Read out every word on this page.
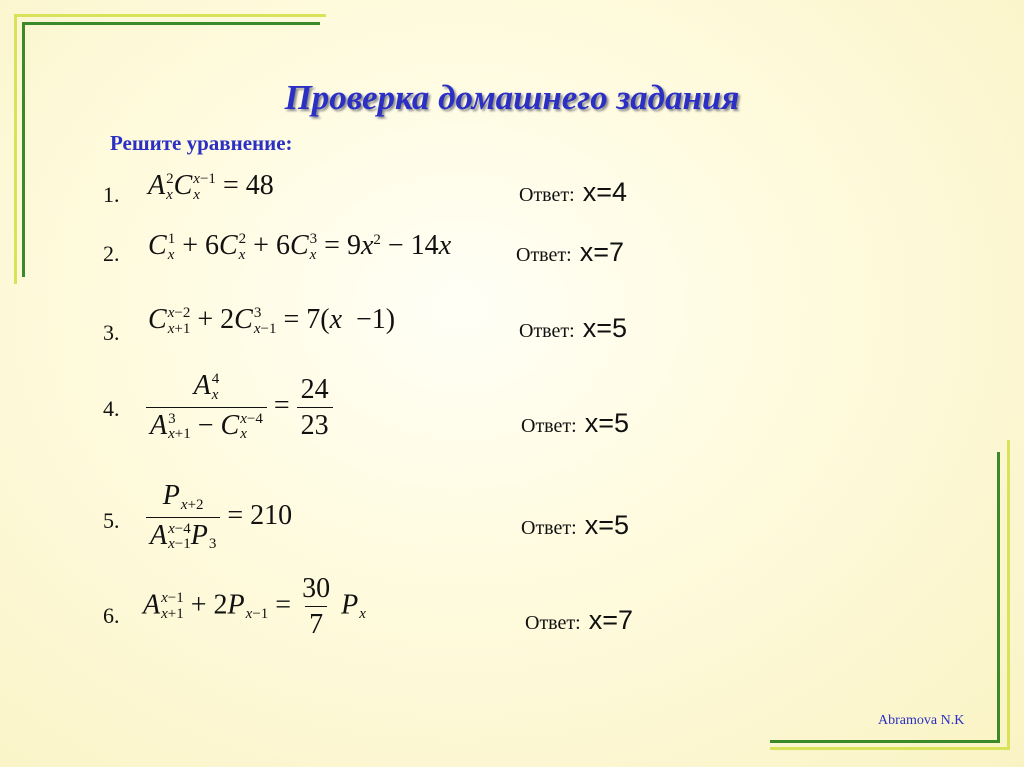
Проверка домашнего задания
Решите уравнение:
1. A 2
x C x−1
x = 48	Ответ: x=4
2. C 1
x + 6C 2
x + 6C 3
$x = 9x^2 - 14x$	Ответ: x=7
3. C x−2
x+1 + 2C 3
x−1 = 7(x  −1)	Ответ: x=5
4. A 4
x
A 3
x+1 − C x−4
$x = \frac{24}{23}$	Ответ: x=5
5. P
x+2
A x−4
x−1 P
3 = 210	Ответ: x=5
6. A x−1
x+1 + 2P
$x-1 = \frac{30}{7}$ P
x	Ответ: x=7
Abramova N.K
